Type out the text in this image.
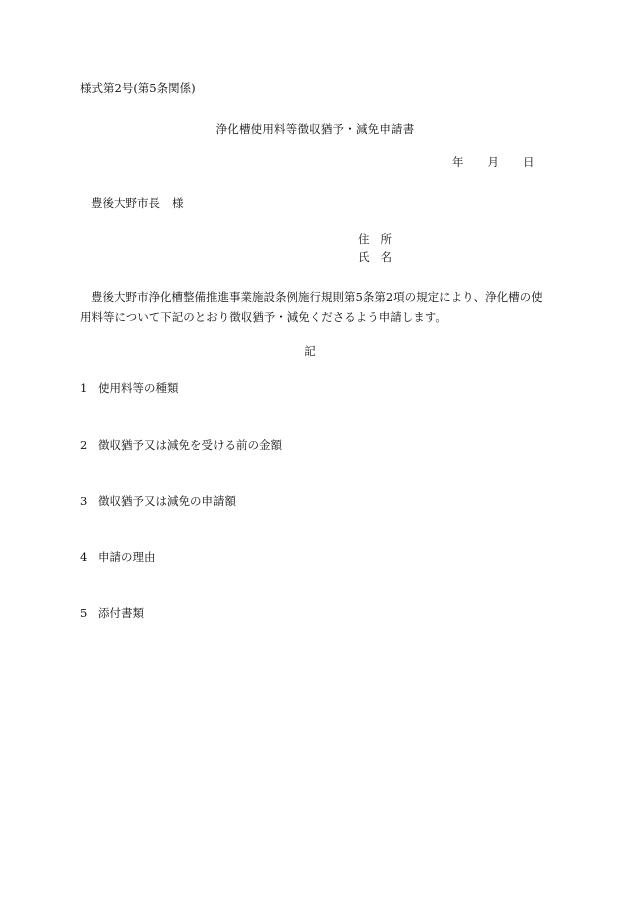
様式第2号(第5条関係)
浄化槽使用料等徴収猶予・減免申請書
年 月 日
豊後大野市長 様
住 所
氏 名
豊後大野市浄化槽整備推進事業施設条例施行規則第5条第2項の規定により、浄化槽の使用料等について下記のとおり徴収猶予・減免くださるよう申請します。
記
1 使用料等の種類
2 徴収猶予又は減免を受ける前の金額
3 徴収猶予又は減免の申請額
4 申請の理由
5 添付書類
